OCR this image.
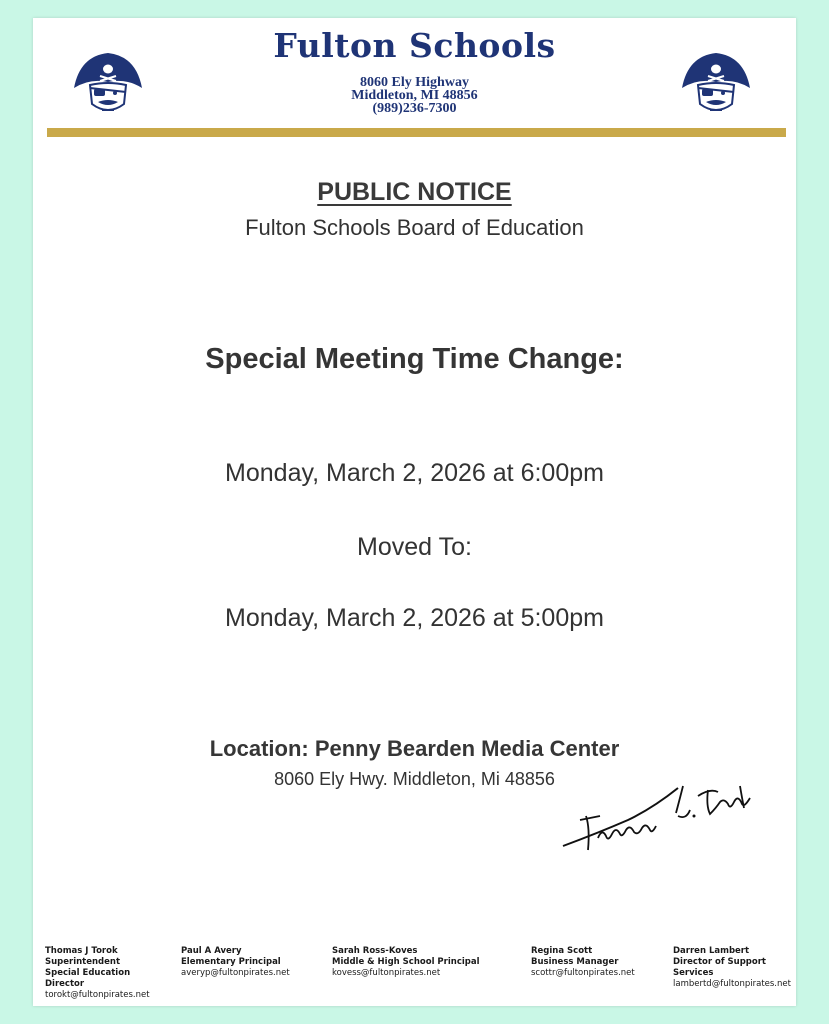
Fulton Schools
8060 Ely Highway
Middleton, MI 48856
(989)236-7300
PUBLIC NOTICE
Fulton Schools Board of Education
Special Meeting Time Change:
Monday, March 2, 2026 at 6:00pm
Moved To:
Monday, March 2, 2026 at 5:00pm
Location: Penny Bearden Media Center
8060 Ely Hwy. Middleton, Mi 48856
Thomas J Torok
Superintendent
Special Education Director
torokt@fultonpirates.net
Paul A Avery
Elementary Principal
averyp@fultonpirates.net
Sarah Ross-Koves
Middle & High School Principal
kovess@fultonpirates.net
Regina Scott
Business Manager
scottr@fultonpirates.net
Darren Lambert
Director of Support
Services
lambertd@fultonpirates.net
